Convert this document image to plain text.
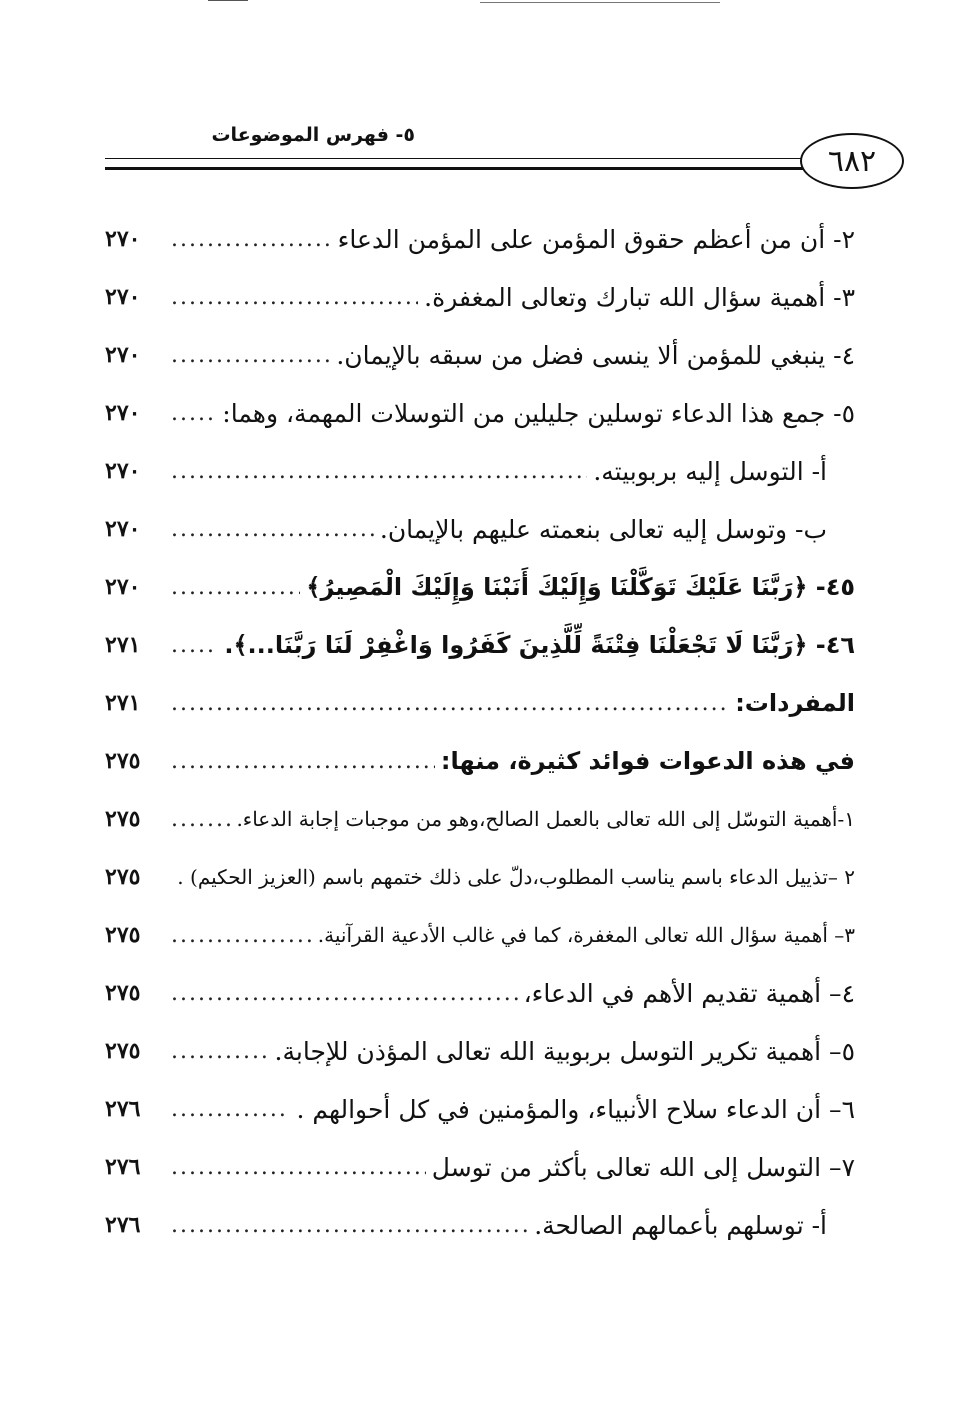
٥- فهرس الموضوعات
٦٨٢
٢- أن من أعظم حقوق المؤمن على المؤمن الدعاء
.....
٢٧٠
٣- أهمية سؤال الله تبارك وتعالى المغفرة.
.....
٢٧٠
٤- ينبغي للمؤمن ألا ينسى فضل من سبقه بالإيمان.
.....
٢٧٠
٥- جمع هذا الدعاء توسلين جليلين من التوسلات المهمة، وهما:
.....
٢٧٠
أ- التوسل إليه بربوبيته.
.....
٢٧٠
ب- وتوسل إليه تعالى بنعمته عليهم بالإيمان.
.....
٢٧٠
٤٥- ﴿رَبَّنَا عَلَيْكَ تَوَكَّلْنَا وَإِلَيْكَ أَنَبْنَا وَإِلَيْكَ الْمَصِيرُ﴾
.....
٢٧٠
٤٦- ﴿رَبَّنَا لَا تَجْعَلْنَا فِتْنَةً لِّلَّذِينَ كَفَرُوا وَاغْفِرْ لَنَا رَبَّنَا...﴾.
.....
٢٧١
المفردات:
.....
٢٧١
في هذه الدعوات فوائد كثيرة، منها:
.....
٢٧٥
١-أهمية التوسّل إلى الله تعالى بالعمل الصالح،وهو من موجبات إجابة الدعاء.
.....
٢٧٥
٢ –تذييل الدعاء باسم يناسب المطلوب،دلّ على ذلك ختمهم باسم (العزيز الحكيم) .
.....
٢٧٥
٣– أهمية سؤال الله تعالى المغفرة، كما في غالب الأدعية القرآنية.
.....
٢٧٥
٤– أهمية تقديم الأهم في الدعاء،
.....
٢٧٥
٥– أهمية تكرير التوسل بربوبية الله تعالى المؤذن للإجابة.
.....
٢٧٥
٦– أن الدعاء سلاح الأنبياء، والمؤمنين في كل أحوالهم .
.....
٢٧٦
٧– التوسل إلى الله تعالى بأكثر من توسل
.....
٢٧٦
أ- توسلهم بأعمالهم الصالحة.
.....
٢٧٦
